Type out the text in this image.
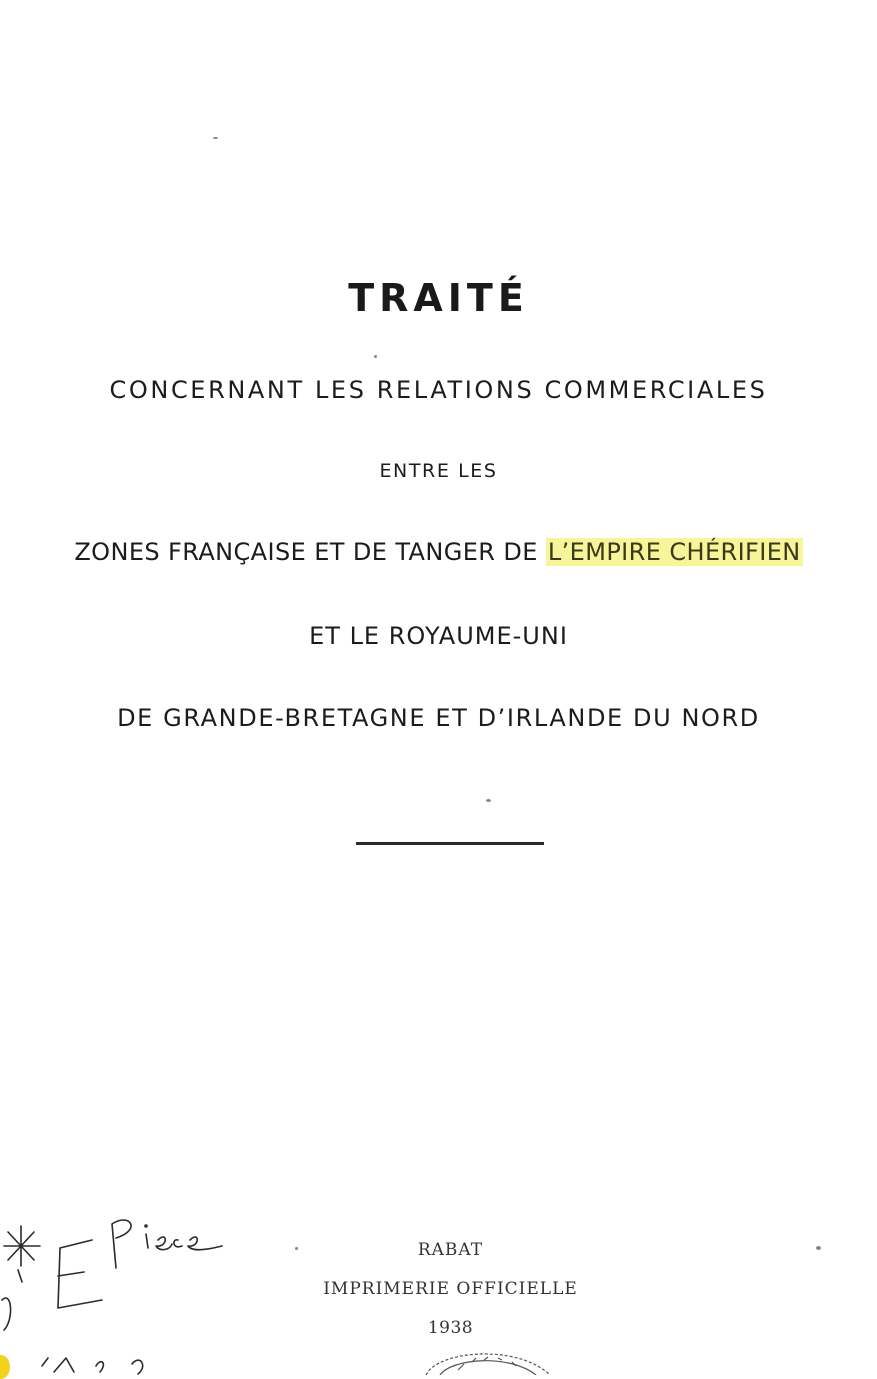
TRAITÉ
CONCERNANT LES RELATIONS COMMERCIALES
ENTRE LES
ZONES FRANÇAISE ET DE TANGER DE L’EMPIRE CHÉRIFIEN
ET LE ROYAUME-UNI
DE GRANDE-BRETAGNE ET D’IRLANDE DU NORD
RABAT
IMPRIMERIE OFFICIELLE
1938
